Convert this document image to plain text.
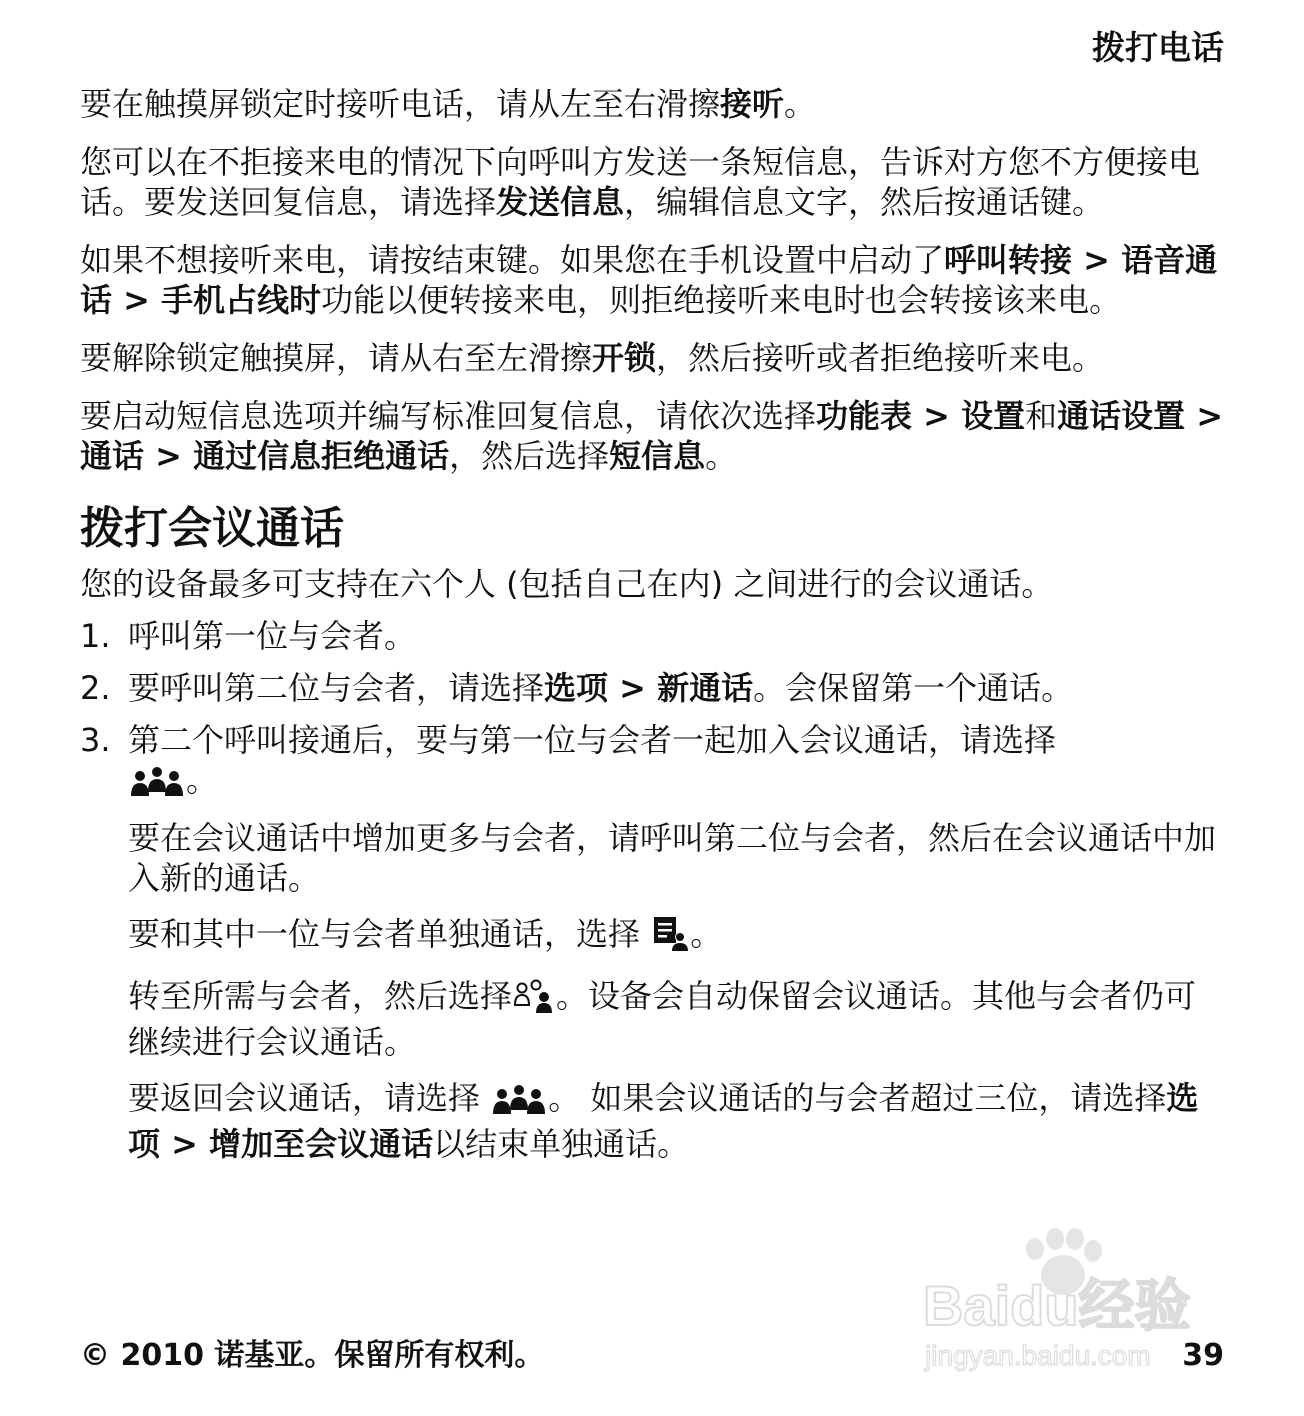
拨打电话

要在触摸屏锁定时接听电话，请从左至右滑擦接听。

您可以在不拒接来电的情况下向呼叫方发送一条短信息，告诉对方您不方便接电话。要发送回复信息，请选择发送信息，编辑信息文字，然后按通话键。

如果不想接听来电，请按结束键。如果您在手机设置中启动了呼叫转接 > 语音通话 > 手机占线时功能以便转接来电，则拒绝接听来电时也会转接该来电。

要解除锁定触摸屏，请从右至左滑擦开锁，然后接听或者拒绝接听来电。

要启动短信息选项并编写标准回复信息，请依次选择功能表 > 设置和通话设置 > 通话 > 通过信息拒绝通话，然后选择短信息。

拨打会议通话
您的设备最多可支持在六个人 (包括自己在内) 之间进行的会议通话。
1. 呼叫第一位与会者。
2. 要呼叫第二位与会者，请选择选项 > 新通话。会保留第一个通话。
3. 第二个呼叫接通后，要与第一位与会者一起加入会议通话，请选择
。
要在会议通话中增加更多与会者，请呼叫第二位与会者，然后在会议通话中加入新的通话。
要和其中一位与会者单独通话，选择 。
转至所需与会者，然后选择 。设备会自动保留会议通话。其他与会者仍可继续进行会议通话。
要返回会议通话，请选择 。 如果会议通话的与会者超过三位，请选择选项 > 增加至会议通话以结束单独通话。
Baidu经验
jingyan.baidu.com
© 2010 诺基亚。保留所有权利。	39
